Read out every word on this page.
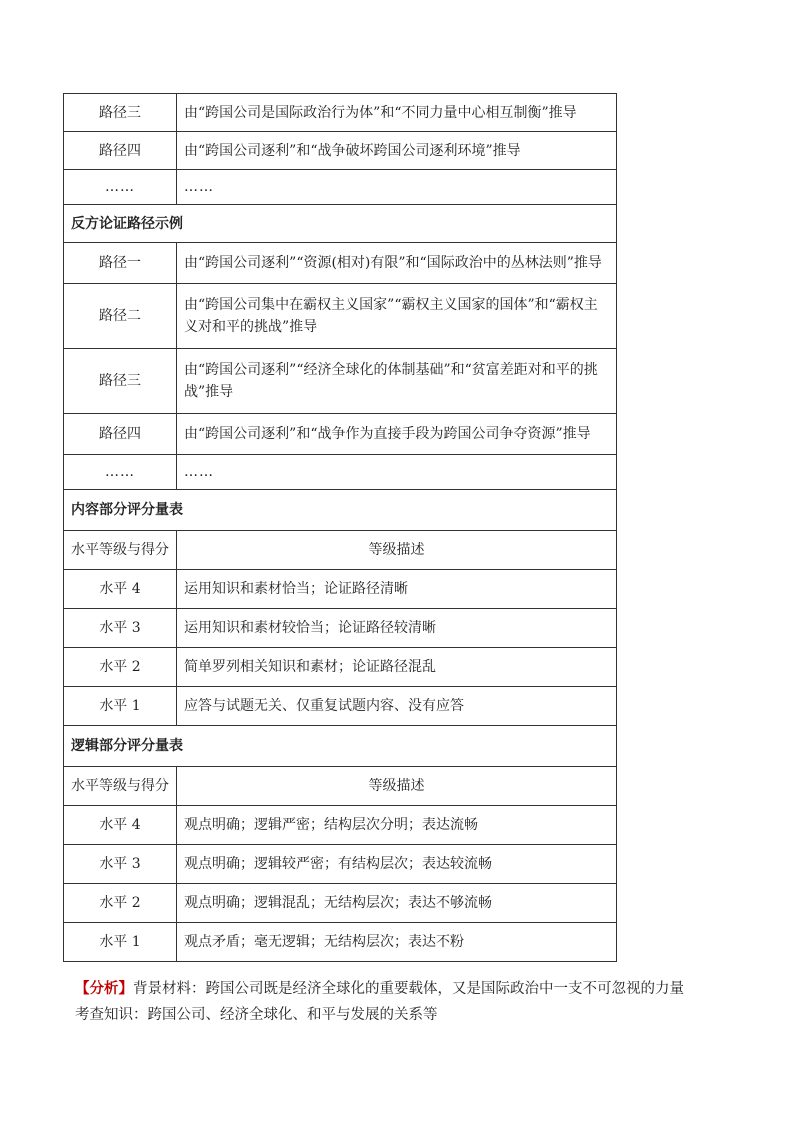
路径三	由“跨国公司是国际政治行为体”和“不同力量中心相互制衡”推导
路径四	由“跨国公司逐利”和“战争破坏跨国公司逐利环境”推导
……	……
反方论证路径示例	
路径一	由“跨国公司逐利”“资源(相对)有限”和“国际政治中的丛林法则”推导
路径二	由“跨国公司集中在霸权主义国家”“霸权主义国家的国体”和“霸权主义对和平的挑战”推导
路径三	由“跨国公司逐利”“经济全球化的体制基础”和“贫富差距对和平的挑战”推导
路径四	由“跨国公司逐利”和“战争作为直接手段为跨国公司争夺资源”推导
……	……
内容部分评分量表	
水平等级与得分	等级描述
水平 4	运用知识和素材恰当；论证路径清晰
水平 3	运用知识和素材较恰当；论证路径较清晰
水平 2	简单罗列相关知识和素材；论证路径混乱
水平 1	应答与试题无关、仅重复试题内容、没有应答
逻辑部分评分量表	
水平等级与得分	等级描述
水平 4	观点明确；逻辑严密；结构层次分明；表达流畅
水平 3	观点明确；逻辑较严密；有结构层次；表达较流畅
水平 2	观点明确；逻辑混乱；无结构层次；表达不够流畅
水平 1	观点矛盾；毫无逻辑；无结构层次；表达不粉
【分析】背景材料：跨国公司既是经济全球化的重要载体，又是国际政治中一支不可忽视的力量
考查知识：跨国公司、经济全球化、和平与发展的关系等
